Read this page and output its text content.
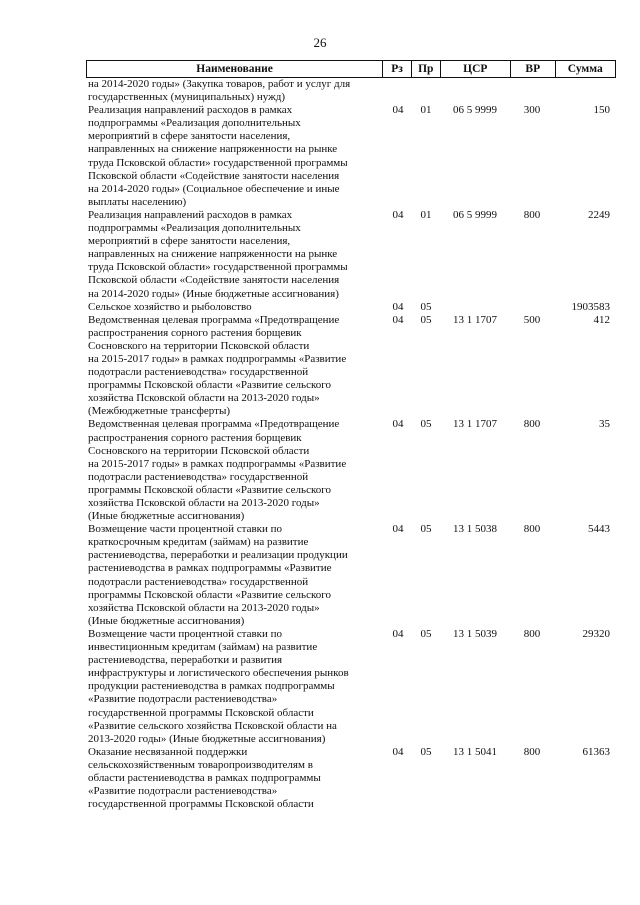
26
Наименование	Рз	Пр	ЦСР	ВР	Сумма
на 2014-2020 годы» (Закупка товаров, работ и услуг для
государственных (муниципальных) нужд)
Реализация направлений расходов в рамках
подпрограммы «Реализация дополнительных
мероприятий в сфере занятости населения,
направленных на снижение напряженности на рынке
труда Псковской области» государственной программы
Псковской области «Содействие занятости населения
на 2014-2020 годы» (Социальное обеспечение и иные
выплаты населению)
04	01	06 5 9999	300	150
Реализация направлений расходов в рамках
подпрограммы «Реализация дополнительных
мероприятий в сфере занятости населения,
направленных на снижение напряженности на рынке
труда Псковской области» государственной программы
Псковской области «Содействие занятости населения
на 2014-2020 годы» (Иные бюджетные ассигнования)
04	01	06 5 9999	800	2249
Сельское хозяйство и рыболовство	04	05	1903583
Ведомственная целевая программа «Предотвращение
распространения сорного растения борщевик
Сосновского на территории Псковской области
на 2015-2017 годы» в рамках подпрограммы «Развитие
подотрасли растениеводства» государственной
программы Псковской области «Развитие сельского
хозяйства Псковской области на 2013-2020 годы»
(Межбюджетные трансферты)
04	05	13 1 1707	500	412
Ведомственная целевая программа «Предотвращение
распространения сорного растения борщевик
Сосновского на территории Псковской области
на 2015-2017 годы» в рамках подпрограммы «Развитие
подотрасли растениеводства» государственной
программы Псковской области «Развитие сельского
хозяйства Псковской области на 2013-2020 годы»
(Иные бюджетные ассигнования)
04	05	13 1 1707	800	35
Возмещение части процентной ставки по
краткосрочным кредитам (займам) на развитие
растениеводства, переработки и реализации продукции
растениеводства в рамках подпрограммы «Развитие
подотрасли растениеводства» государственной
программы Псковской области «Развитие сельского
хозяйства Псковской области на 2013-2020 годы»
(Иные бюджетные ассигнования)
04	05	13 1 5038	800	5443
Возмещение части процентной ставки по
инвестиционным кредитам (займам) на развитие
растениеводства, переработки и развития
инфраструктуры и логистического обеспечения рынков
продукции растениеводства в рамках подпрограммы
«Развитие подотрасли растениеводства»
государственной программы Псковской области
«Развитие сельского хозяйства Псковской области на
2013-2020 годы» (Иные бюджетные ассигнования)
04	05	13 1 5039	800	29320
Оказание несвязанной поддержки
сельскохозяйственным товаропроизводителям в
области растениеводства в рамках подпрограммы
«Развитие подотрасли растениеводства»
государственной программы Псковской области
04	05	13 1 5041	800	61363
